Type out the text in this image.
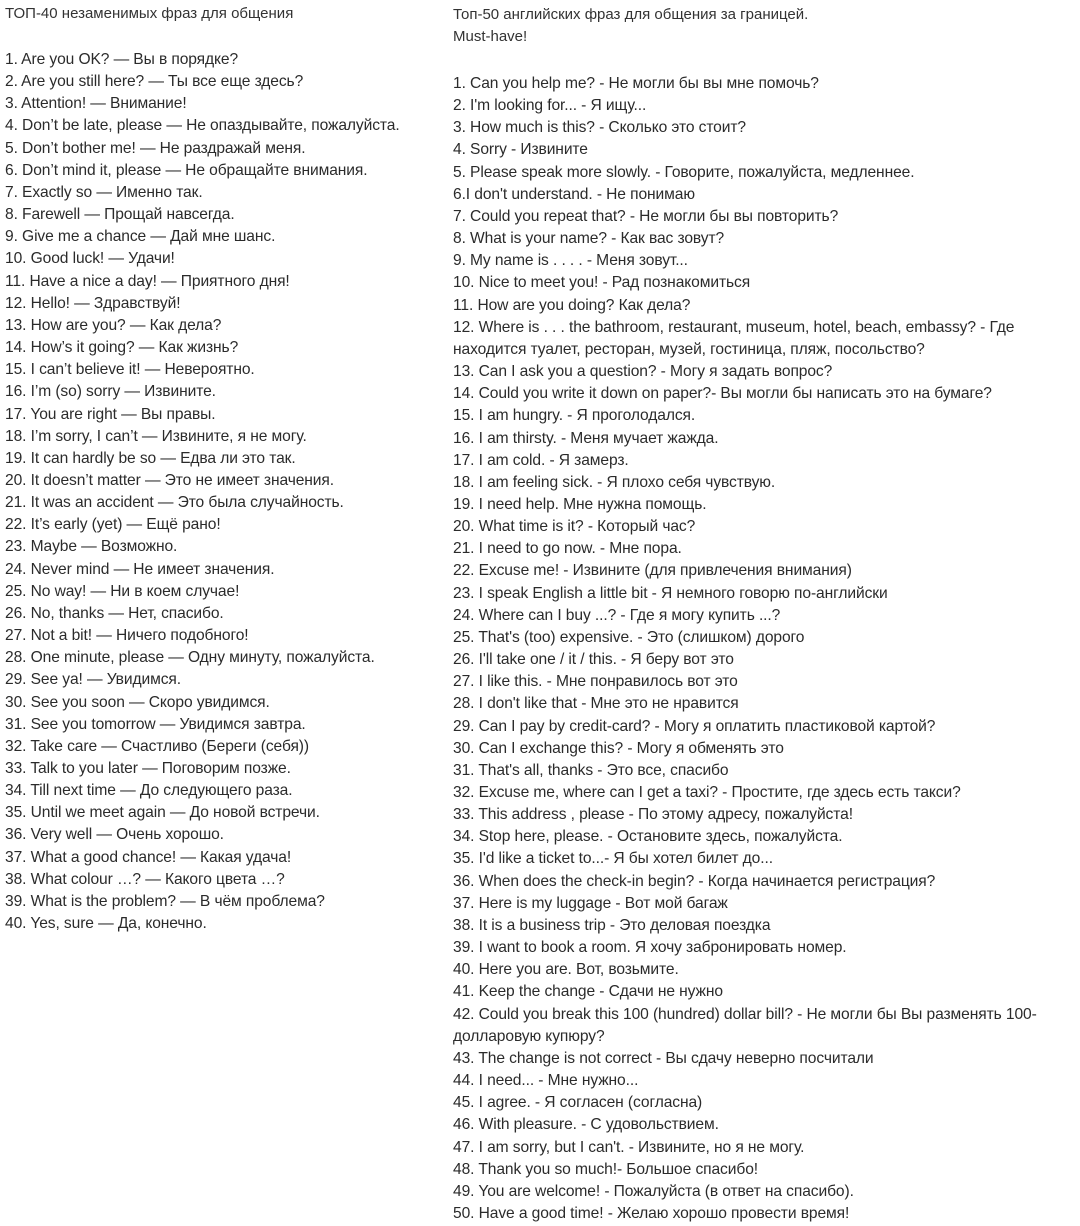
ТОП-40 незаменимых фраз для общения

1. Are you OK? — Вы в порядке?
2. Are you still here? — Ты все еще здесь?
3. Attention! — Внимание!
4. Don’t be late, please — Не опаздывайте, пожалуйста.
5. Don’t bother me! — Не раздражай меня.
6. Don’t mind it, please — Не обращайте внимания.
7. Exactly so — Именно так.
8. Farewell — Прощай навсегда.
9. Give me a chance — Дай мне шанс.
10. Good luck! — Удачи!
11. Have a nice a day! — Приятного дня!
12. Hello! — Здравствуй!
13. How are you? — Как дела?
14. How’s it going? — Как жизнь?
15. I can’t believe it! — Невероятно.
16. I’m (so) sorry — Извините.
17. You are right — Вы правы.
18. I’m sorry, I can’t — Извините, я не могу.
19. It can hardly be so — Едва ли это так.
20. It doesn’t matter — Это не имеет значения.
21. It was an accident — Это была случайность.
22. It’s early (yet) — Ещё рано!
23. Maybe — Возможно.
24. Never mind — Не имеет значения.
25. No way! — Ни в коем случае!
26. No, thanks — Нет, спасибо.
27. Not a bit! — Ничего подобного!
28. One minute, please — Одну минуту, пожалуйста.
29. See ya! — Увидимся.
30. See you soon — Скоро увидимся.
31. See you tomorrow — Увидимся завтра.
32. Take care — Счастливо (Береги (себя))
33. Talk to you later — Поговорим позже.
34. Till next time — До следующего раза.
35. Until we meet again — До новой встречи.
36. Very well — Очень хорошо.
37. What a good chance! — Какая удача!
38. What colour …? — Какого цвета …?
39. What is the problem? — В чём проблема?
40. Yes, sure — Да, конечно.

Топ-50 английских фраз для общения за границей.
Must-have!

1. Can you help me? - Не могли бы вы мне помочь?
2. I'm looking for... - Я ищу...
3. How much is this? - Сколько это стоит?
4. Sorry - Извините
5. Please speak more slowly. - Говорите, пожалуйста, медленнее.
6.I don't understand. - Не понимаю
7. Could you repeat that? - Не могли бы вы повторить?
8. What is your name? - Как вас зовут?
9. My name is . . . . - Меня зовут...
10. Nice to meet you! - Рад познакомиться
11. How are you doing? Как дела?
12. Where is . . . the bathroom, restaurant, museum, hotel, beach, embassy? - Где находится туалет, ресторан, музей, гостиница, пляж, посольство?
13. Can I ask you a question? - Могу я задать вопрос?
14. Could you write it down on paper?- Вы могли бы написать это на бумаге?
15. I am hungry. - Я проголодался.
16. I am thirsty. - Меня мучает жажда.
17. I am cold. - Я замерз.
18. I am feeling sick. - Я плохо себя чувствую.
19. I need help. Мне нужна помощь.
20. What time is it? - Который час?
21. I need to go now. - Мне пора.
22. Excuse me! - Извините (для привлечения внимания)
23. I speak English a little bit - Я немного говорю по-английски
24. Where can I buy ...? - Где я могу купить ...?
25. That's (too) expensive. - Это (слишком) дорого
26. I'll take one / it / this. - Я беру вот это
27. I like this. - Мне понравилось вот это
28. I don't like that - Мне это не нравится
29. Can I pay by credit-card? - Могу я оплатить пластиковой картой?
30. Can I exchange this? - Могу я обменять это
31. That's all, thanks - Это все, спасибо
32. Excuse me, where can I get a taxi? - Простите, где здесь есть такси?
33. This address , please - По этому адресу, пожалуйста!
34. Stop here, please. - Остановите здесь, пожалуйста.
35. I'd like a ticket to...- Я бы хотел билет до...
36. When does the check-in begin? - Когда начинается регистрация?
37. Here is my luggage - Вот мой багаж
38. It is a business trip - Это деловая поездка
39. I want to book a room. Я хочу забронировать номер.
40. Here you are. Вот, возьмите.
41. Keep the change - Сдачи не нужно
42. Could you break this 100 (hundred) dollar bill? - Не могли бы Вы разменять 100-долларовую купюру?
43. The change is not correct - Вы сдачу неверно посчитали
44. I need... - Мне нужно...
45. I agree. - Я согласен (согласна)
46. With pleasure. - С удовольствием.
47. I am sorry, but I can't. - Извините, но я не могу.
48. Thank you so much!- Большое спасибо!
49. You are welcome! - Пожалуйста (в ответ на спасибо).
50. Have a good time! - Желаю хорошо провести время!
